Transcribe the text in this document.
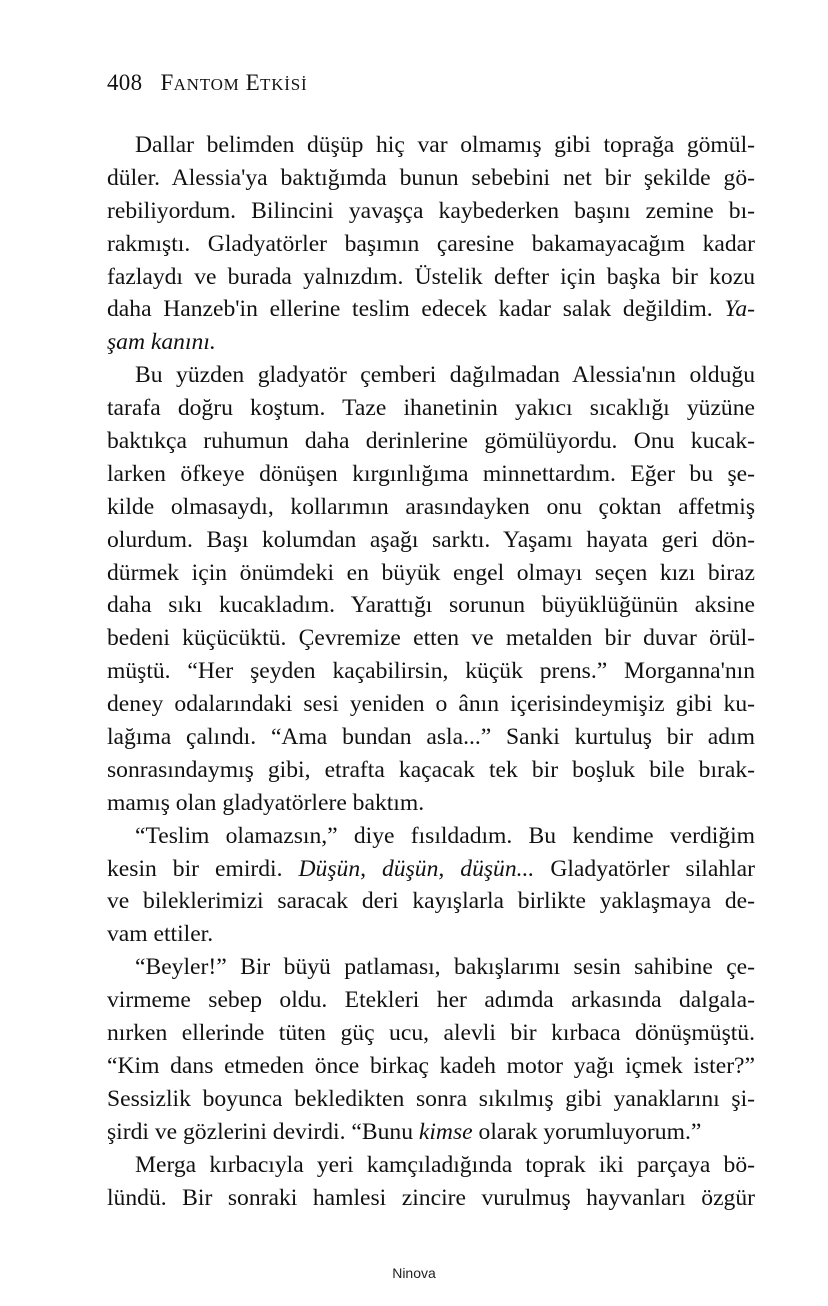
408 FANTOM ETKİSİ
Dallar belimden düşüp hiç var olmamış gibi toprağa gömül-
düler. Alessia'ya baktığımda bunun sebebini net bir şekilde gö-
rebiliyordum. Bilincini yavaşça kaybederken başını zemine bı-
rakmıştı. Gladyatörler başımın çaresine bakamayacağım kadar
fazlaydı ve burada yalnızdım. Üstelik defter için başka bir kozu
daha Hanzeb'in ellerine teslim edecek kadar salak değildim. Ya-
şam kanını.
Bu yüzden gladyatör çemberi dağılmadan Alessia'nın olduğu
tarafa doğru koştum. Taze ihanetinin yakıcı sıcaklığı yüzüne
baktıkça ruhumun daha derinlerine gömülüyordu. Onu kucak-
larken öfkeye dönüşen kırgınlığıma minnettardım. Eğer bu şe-
kilde olmasaydı, kollarımın arasındayken onu çoktan affetmiş
olurdum. Başı kolumdan aşağı sarktı. Yaşamı hayata geri dön-
dürmek için önümdeki en büyük engel olmayı seçen kızı biraz
daha sıkı kucakladım. Yarattığı sorunun büyüklüğünün aksine
bedeni küçücüktü. Çevremize etten ve metalden bir duvar örül-
müştü. “Her şeyden kaçabilirsin, küçük prens.” Morganna'nın
deney odalarındaki sesi yeniden o ânın içerisindeymişiz gibi ku-
lağıma çalındı. “Ama bundan asla...” Sanki kurtuluş bir adım
sonrasındaymış gibi, etrafta kaçacak tek bir boşluk bile bırak-
mamış olan gladyatörlere baktım.
“Teslim olamazsın,” diye fısıldadım. Bu kendime verdiğim
kesin bir emirdi. Düşün, düşün, düşün... Gladyatörler silahlar
ve bileklerimizi saracak deri kayışlarla birlikte yaklaşmaya de-
vam ettiler.
“Beyler!” Bir büyü patlaması, bakışlarımı sesin sahibine çe-
virmeme sebep oldu. Etekleri her adımda arkasında dalgala-
nırken ellerinde tüten güç ucu, alevli bir kırbaca dönüşmüştü.
“Kim dans etmeden önce birkaç kadeh motor yağı içmek ister?”
Sessizlik boyunca bekledikten sonra sıkılmış gibi yanaklarını şi-
şirdi ve gözlerini devirdi. “Bunu kimse olarak yorumluyorum.”
Merga kırbacıyla yeri kamçıladığında toprak iki parçaya bö-
lündü. Bir sonraki hamlesi zincire vurulmuş hayvanları özgür
Ninova
